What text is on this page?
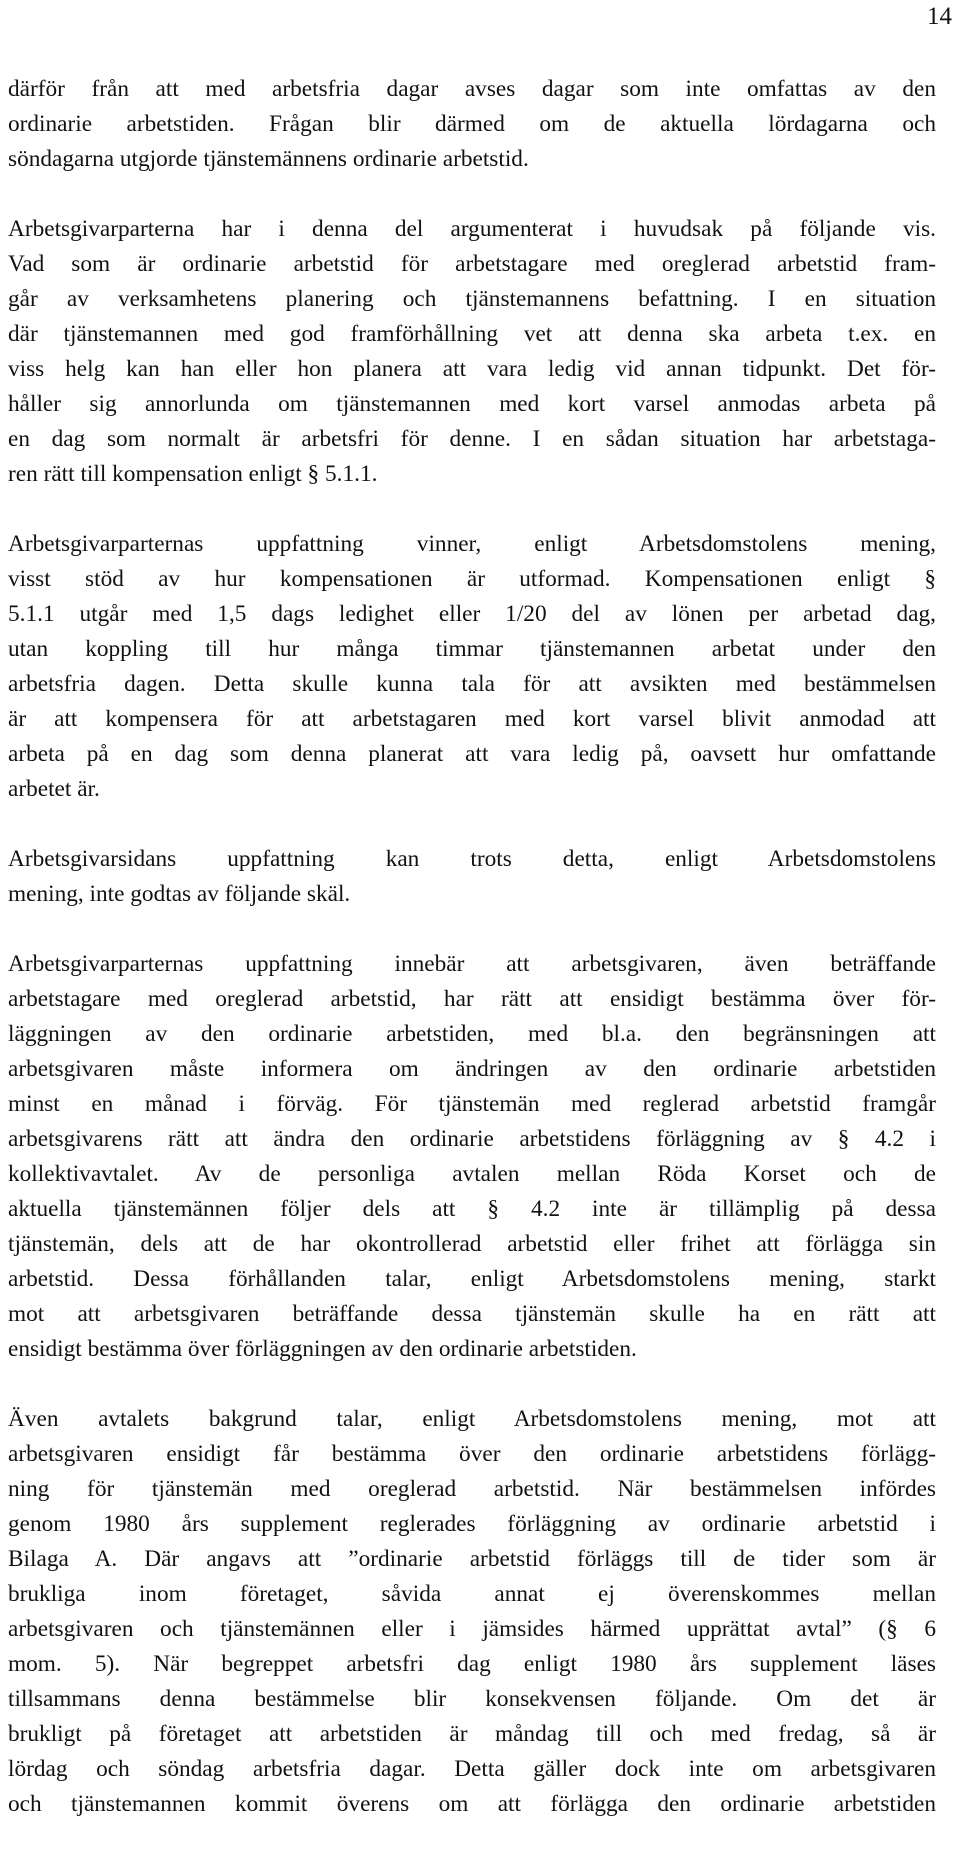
14

därför från att med arbetsfria dagar avses dagar som inte omfattas av den
ordinarie arbetstiden. Frågan blir därmed om de aktuella lördagarna och
söndagarna utgjorde tjänstemännens ordinarie arbetstid.

Arbetsgivarparterna har i denna del argumenterat i huvudsak på följande vis.
Vad som är ordinarie arbetstid för arbetstagare med oreglerad arbetstid fram-
går av verksamhetens planering och tjänstemannens befattning. I en situation
där tjänstemannen med god framförhållning vet att denna ska arbeta t.ex. en
viss helg kan han eller hon planera att vara ledig vid annan tidpunkt. Det för-
håller sig annorlunda om tjänstemannen med kort varsel anmodas arbeta på
en dag som normalt är arbetsfri för denne. I en sådan situation har arbetstaga-
ren rätt till kompensation enligt § 5.1.1.

Arbetsgivarparternas uppfattning vinner, enligt Arbetsdomstolens mening,
visst stöd av hur kompensationen är utformad. Kompensationen enligt §
5.1.1 utgår med 1,5 dags ledighet eller 1/20 del av lönen per arbetad dag,
utan koppling till hur många timmar tjänstemannen arbetat under den
arbetsfria dagen. Detta skulle kunna tala för att avsikten med bestämmelsen
är att kompensera för att arbetstagaren med kort varsel blivit anmodad att
arbeta på en dag som denna planerat att vara ledig på, oavsett hur omfattande
arbetet är.

Arbetsgivarsidans uppfattning kan trots detta, enligt Arbetsdomstolens
mening, inte godtas av följande skäl.

Arbetsgivarparternas uppfattning innebär att arbetsgivaren, även beträffande
arbetstagare med oreglerad arbetstid, har rätt att ensidigt bestämma över för-
läggningen av den ordinarie arbetstiden, med bl.a. den begränsningen att
arbetsgivaren måste informera om ändringen av den ordinarie arbetstiden
minst en månad i förväg. För tjänstemän med reglerad arbetstid framgår
arbetsgivarens rätt att ändra den ordinarie arbetstidens förläggning av § 4.2 i
kollektivavtalet. Av de personliga avtalen mellan Röda Korset och de
aktuella tjänstemännen följer dels att § 4.2 inte är tillämplig på dessa
tjänstemän, dels att de har okontrollerad arbetstid eller frihet att förlägga sin
arbetstid. Dessa förhållanden talar, enligt Arbetsdomstolens mening, starkt
mot att arbetsgivaren beträffande dessa tjänstemän skulle ha en rätt att
ensidigt bestämma över förläggningen av den ordinarie arbetstiden.

Även avtalets bakgrund talar, enligt Arbetsdomstolens mening, mot att
arbetsgivaren ensidigt får bestämma över den ordinarie arbetstidens förlägg-
ning för tjänstemän med oreglerad arbetstid. När bestämmelsen infördes
genom 1980 års supplement reglerades förläggning av ordinarie arbetstid i
Bilaga A. Där angavs att ”ordinarie arbetstid förläggs till de tider som är
brukliga inom företaget, såvida annat ej överenskommes mellan
arbetsgivaren och tjänstemännen eller i jämsides härmed upprättat avtal” (§ 6
mom. 5). När begreppet arbetsfri dag enligt 1980 års supplement läses
tillsammans denna bestämmelse blir konsekvensen följande. Om det är
brukligt på företaget att arbetstiden är måndag till och med fredag, så är
lördag och söndag arbetsfria dagar. Detta gäller dock inte om arbetsgivaren
och tjänstemannen kommit överens om att förlägga den ordinarie arbetstiden
